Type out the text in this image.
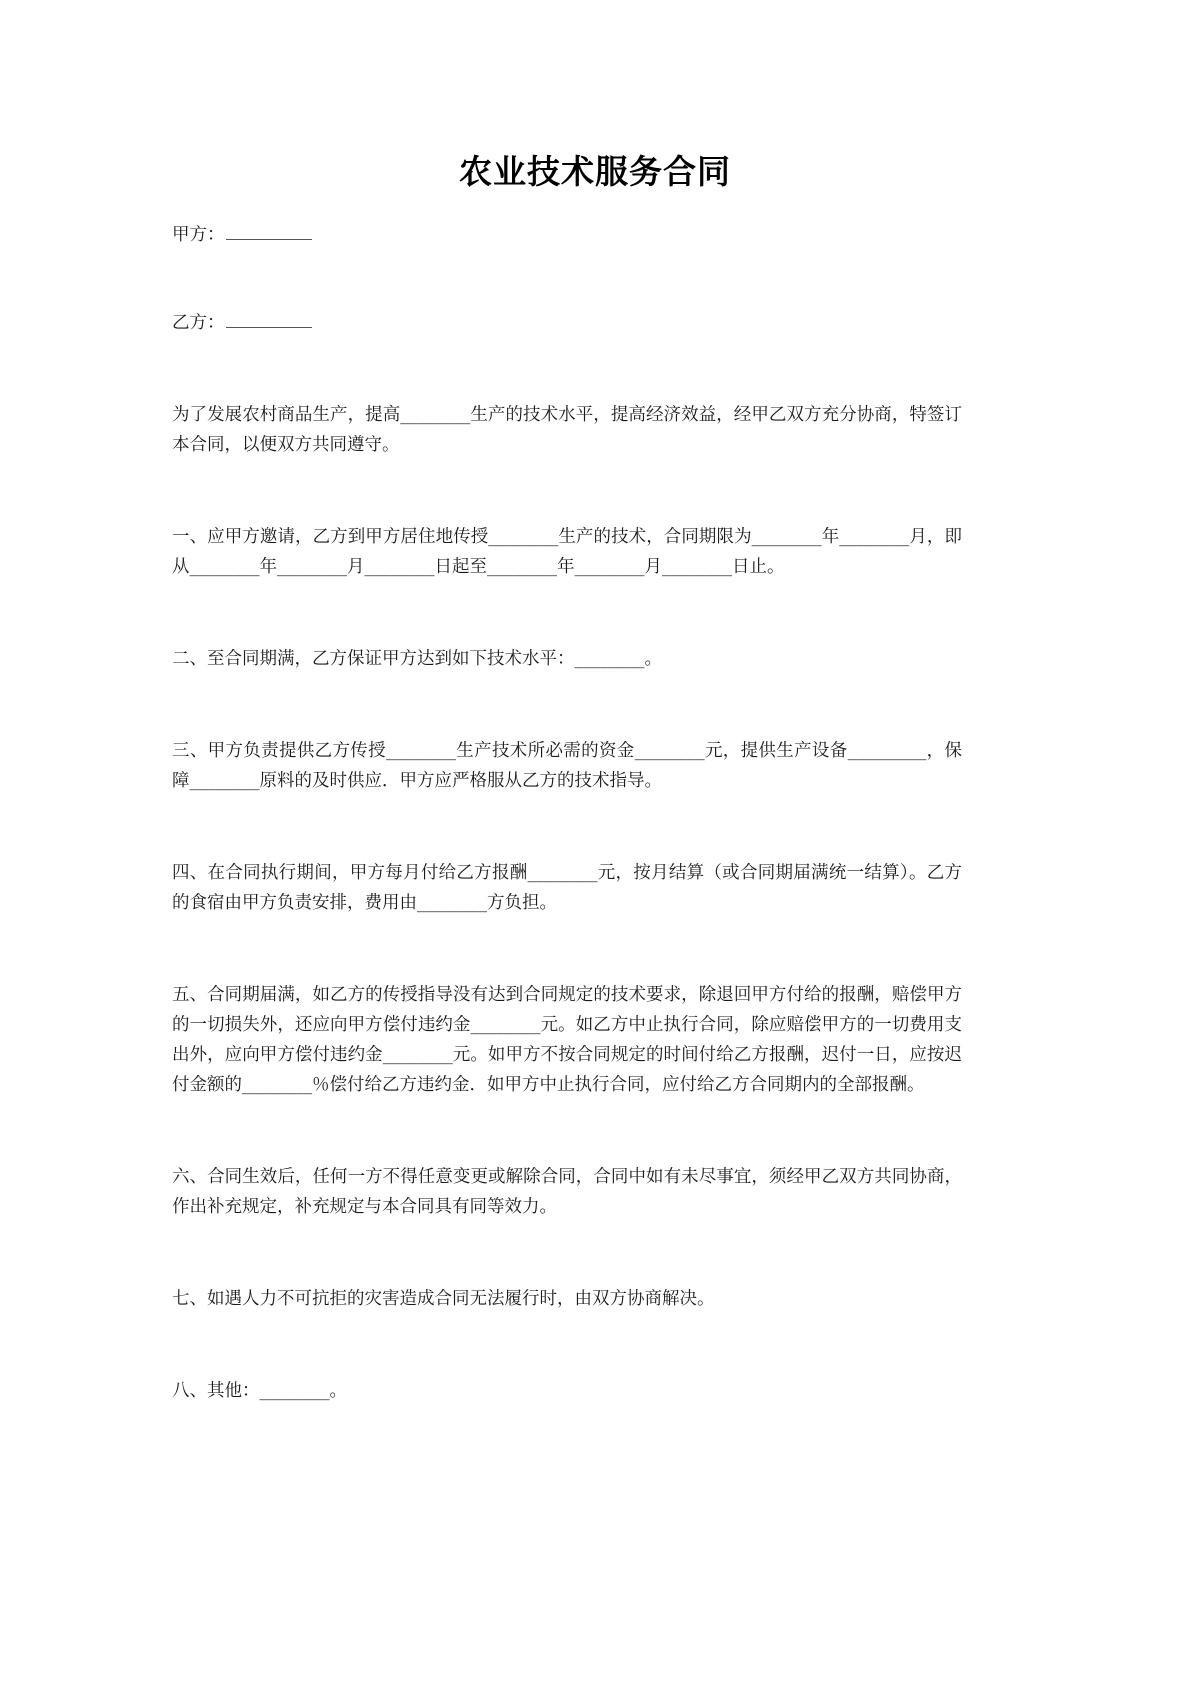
农业技术服务合同

甲方：

乙方：

为了发展农村商品生产，提高________生产的技术水平，提高经济效益，经甲乙双方充分协商，特签订本合同，以便双方共同遵守。

一、应甲方邀请，乙方到甲方居住地传授________生产的技术，合同期限为________年________月，即从________年________月________日起至________年________月________日止。

二、至合同期满，乙方保证甲方达到如下技术水平：________。

三、甲方负责提供乙方传授________生产技术所必需的资金________元，提供生产设备_________，保障________原料的及时供应．甲方应严格服从乙方的技术指导。

四、在合同执行期间，甲方每月付给乙方报酬________元，按月结算（或合同期届满统一结算）。乙方的食宿由甲方负责安排，费用由________方负担。

五、合同期届满，如乙方的传授指导没有达到合同规定的技术要求，除退回甲方付给的报酬，赔偿甲方的一切损失外，还应向甲方偿付违约金________元。如乙方中止执行合同，除应赔偿甲方的一切费用支出外，应向甲方偿付违约金________元。如甲方不按合同规定的时间付给乙方报酬，迟付一日，应按迟付金额的________％偿付给乙方违约金．如甲方中止执行合同，应付给乙方合同期内的全部报酬。

六、合同生效后，任何一方不得任意变更或解除合同，合同中如有未尽事宜，须经甲乙双方共同协商，作出补充规定，补充规定与本合同具有同等效力。

七、如遇人力不可抗拒的灾害造成合同无法履行时，由双方协商解决。

八、其他：________。
